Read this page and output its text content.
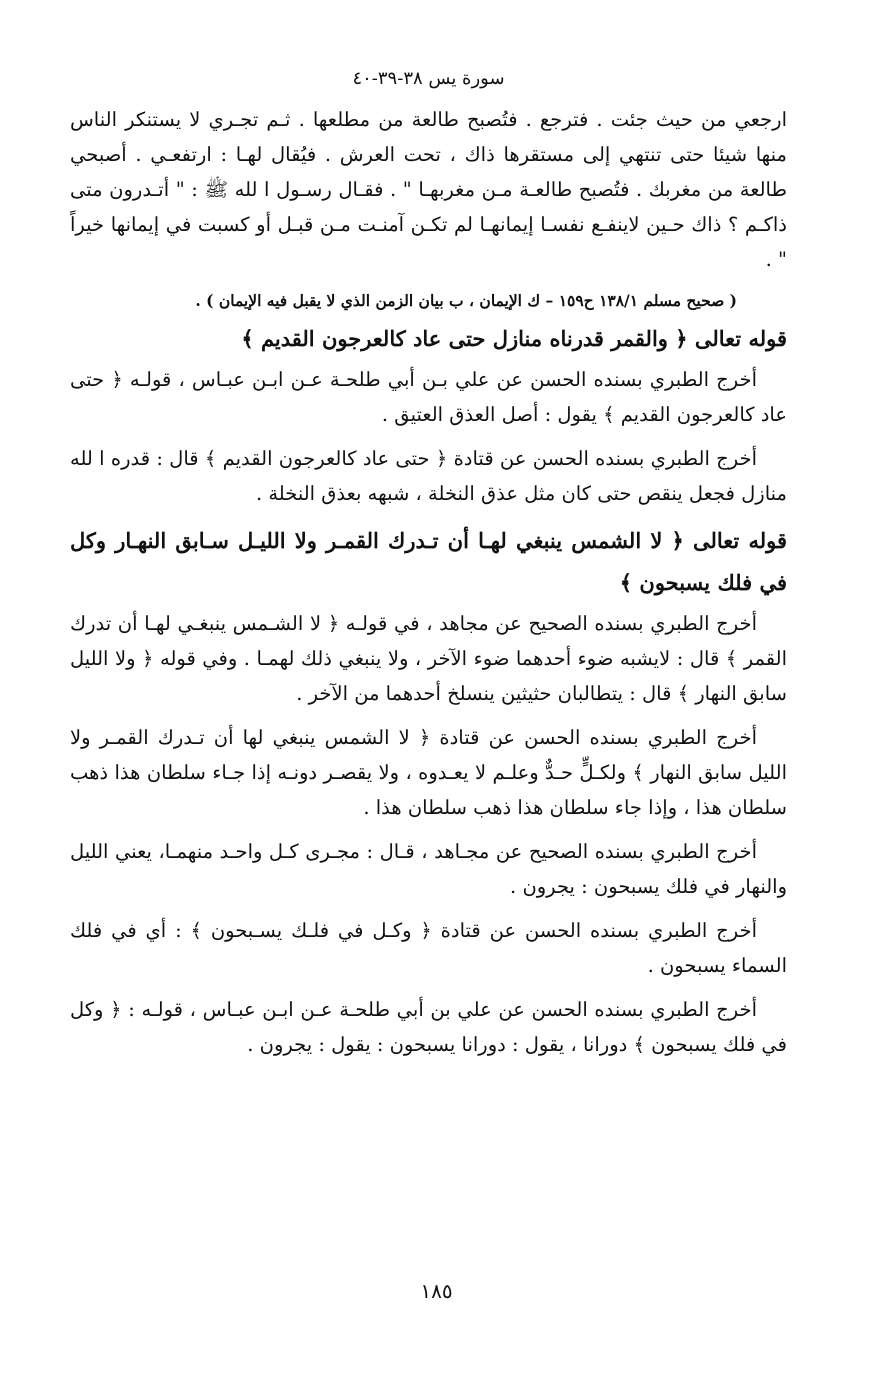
سورة يس ٣٨-٣٩-٤٠
ارجعي من حيث جئت . فترجع . فتُصبح طالعة من مطلعها . ثـم تجـري لا يستنكر الناس منها شيئا حتى تنتهي إلى مستقرها ذاك ، تحت العرش . فيُقال لهـا : ارتفعـي . أصبحي طالعة من مغربك . فتُصبح طالعـة مـن مغربهـا " . فقـال رسـول ا لله ﷺ : " أتـدرون متى ذاكـم ؟ ذاك حـين لاينفـع نفسـا إيمانهـا لم تكـن آمنـت مـن قبـل أو كسبت في إيمانها خيراً " .
( صحيح مسلم ١٣٨/١ ح١٥٩ – ك الإيمان ، ب بيان الزمن الذي لا يقبل فيه الإيمان ) .
قوله تعالى ﴿ والقمر قدرناه منازل حتى عاد كالعرجون القديم ﴾
أخرج الطبري بسنده الحسن عن علي بـن أبي طلحـة عـن ابـن عبـاس ، قولـه ﴿ حتى عاد كالعرجون القديم ﴾ يقول : أصل العذق العتيق .
أخرج الطبري بسنده الحسن عن قتادة ﴿ حتى عاد كالعرجون القديم ﴾ قال : قدره ا لله منازل فجعل ينقص حتى كان مثل عذق النخلة ، شبهه بعذق النخلة .
قوله تعالى ﴿ لا الشمس ينبغي لهـا أن تـدرك القمـر ولا الليـل سـابق النهـار وكل في فلك يسبحون ﴾
أخرج الطبري بسنده الصحيح عن مجاهد ، في قولـه ﴿ لا الشـمس ينبغـي لهـا أن تدرك القمر ﴾ قال : لايشبه ضوء أحدهما ضوء الآخر ، ولا ينبغي ذلك لهمـا . وفي قوله ﴿ ولا الليل سابق النهار ﴾ قال : يتطالبان حثيثين ينسلخ أحدهما من الآخر .
أخرج الطبري بسنده الحسن عن قتادة ﴿ لا الشمس ينبغي لها أن تـدرك القمـر ولا الليل سابق النهار ﴾ ولكـلٍّ حـدٌّ وعلـم لا يعـدوه ، ولا يقصـر دونـه إذا جـاء سلطان هذا ذهب سلطان هذا ، وإذا جاء سلطان هذا ذهب سلطان هذا .
أخرج الطبري بسنده الصحيح عن مجـاهد ، قـال : مجـرى كـل واحـد منهمـا، يعني الليل والنهار في فلك يسبحون : يجرون .
أخرج الطبري بسنده الحسن عن قتادة ﴿ وكـل في فلـك يسـبحون ﴾ : أي في فلك السماء يسبحون .
أخرج الطبري بسنده الحسن عن علي بن أبي طلحـة عـن ابـن عبـاس ، قولـه : ﴿ وكل في فلك يسبحون ﴾ دورانا ، يقول : دورانا يسبحون : يقول : يجرون .
١٨٥
